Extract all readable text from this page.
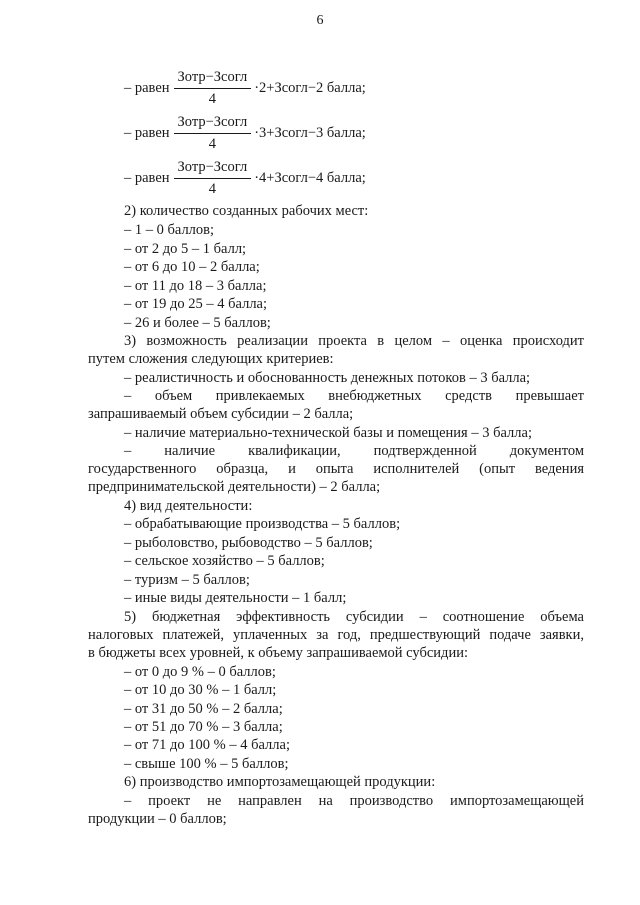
6
– равен $\frac{\text{Зотр−Зсогл}}{4}$ ·2+Зсогл−2 балла;
– равен $\frac{\text{Зотр−Зсогл}}{4}$ ·3+Зсогл−3 балла;
– равен $\frac{\text{Зотр−Зсогл}}{4}$ ·4+Зсогл−4 балла;
2) количество созданных рабочих мест:
– 1 – 0 баллов;
– от 2 до 5 – 1 балл;
– от 6 до 10 – 2 балла;
– от 11 до 18 – 3 балла;
– от 19 до 25 – 4 балла;
– 26 и более – 5 баллов;
3) возможность реализации проекта в целом – оценка происходит
путем сложения следующих критериев:
– реалистичность и обоснованность денежных потоков – 3 балла;
– объем привлекаемых внебюджетных средств превышает
запрашиваемый объем субсидии – 2 балла;
– наличие материально-технической базы и помещения – 3 балла;
– наличие квалификации, подтвержденной документом
государственного образца, и опыта исполнителей (опыт ведения
предпринимательской деятельности) – 2 балла;
4) вид деятельности:
– обрабатывающие производства – 5 баллов;
– рыболовство, рыбоводство – 5 баллов;
– сельское хозяйство – 5 баллов;
– туризм – 5 баллов;
– иные виды деятельности – 1 балл;
5) бюджетная эффективность субсидии – соотношение объема
налоговых платежей, уплаченных за год, предшествующий подаче заявки,
в бюджеты всех уровней, к объему запрашиваемой субсидии:
– от 0 до 9 % – 0 баллов;
– от 10 до 30 % – 1 балл;
– от 31 до 50 % – 2 балла;
– от 51 до 70 % – 3 балла;
– от 71 до 100 % – 4 балла;
– свыше 100 % – 5 баллов;
6) производство импортозамещающей продукции:
– проект не направлен на производство импортозамещающей
продукции – 0 баллов;
